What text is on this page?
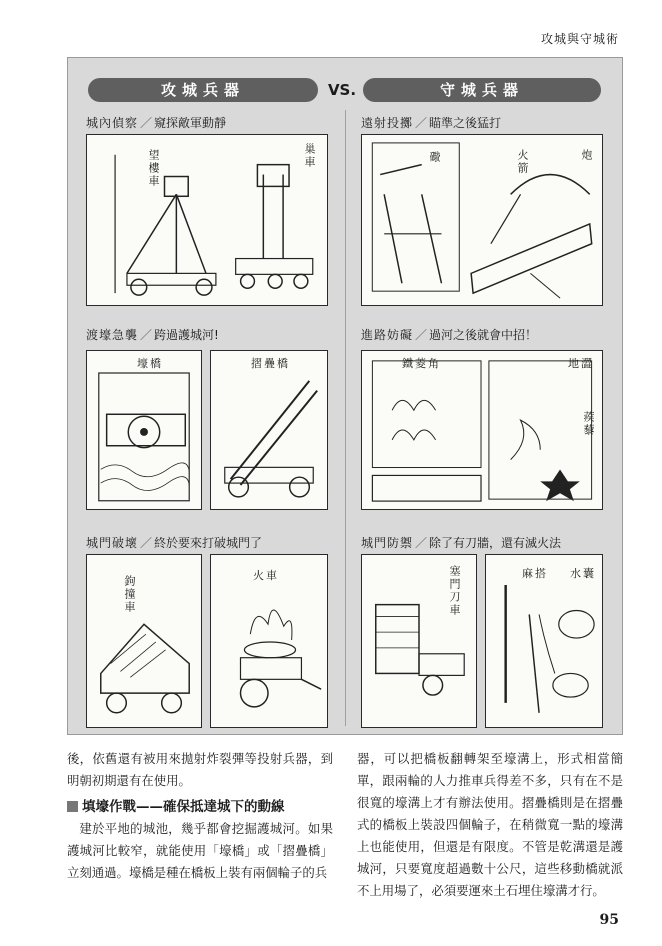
攻城與守城術
攻城兵器	VS.	守城兵器
城內偵察 ／ 窺探敵軍動靜	遠射投擲 ／ 瞄準之後猛打
渡壕急襲 ／ 跨過護城河!	進路妨礙 ／ 過河之後就會中招！
城門破壞 ／ 終於要來打破城門了	城門防禦 ／ 除了有刀牆，還有滅火法
望樓車	巢車	礮	火箭	炮
壕橋	摺疊橋	鐵菱角	地澀
蒺藜
鉤撞車	火車	塞門刀車	麻搭 水囊
後，依舊還有被用來拋射炸裂彈等投射兵器，到明朝初期還有在使用。
填壕作戰——確保抵達城下的動線
建於平地的城池，幾乎都會挖掘護城河。如果護城河比較窄，就能使用「壕橋」或「摺疊橋」立刻通過。壕橋是種在橋板上裝有兩個輪子的兵
器，可以把橋板翻轉架至壕溝上，形式相當簡單，跟兩輪的人力推車兵得差不多，只有在不是很寬的壕溝上才有辦法使用。摺疊橋則是在摺疊式的橋板上裝設四個輪子，在稍微寬一點的壕溝上也能使用，但還是有限度。不管是乾溝還是護城河，只要寬度超過數十公尺，這些移動橋就派不上用場了，必須要運來土石埋住壕溝才行。
95
